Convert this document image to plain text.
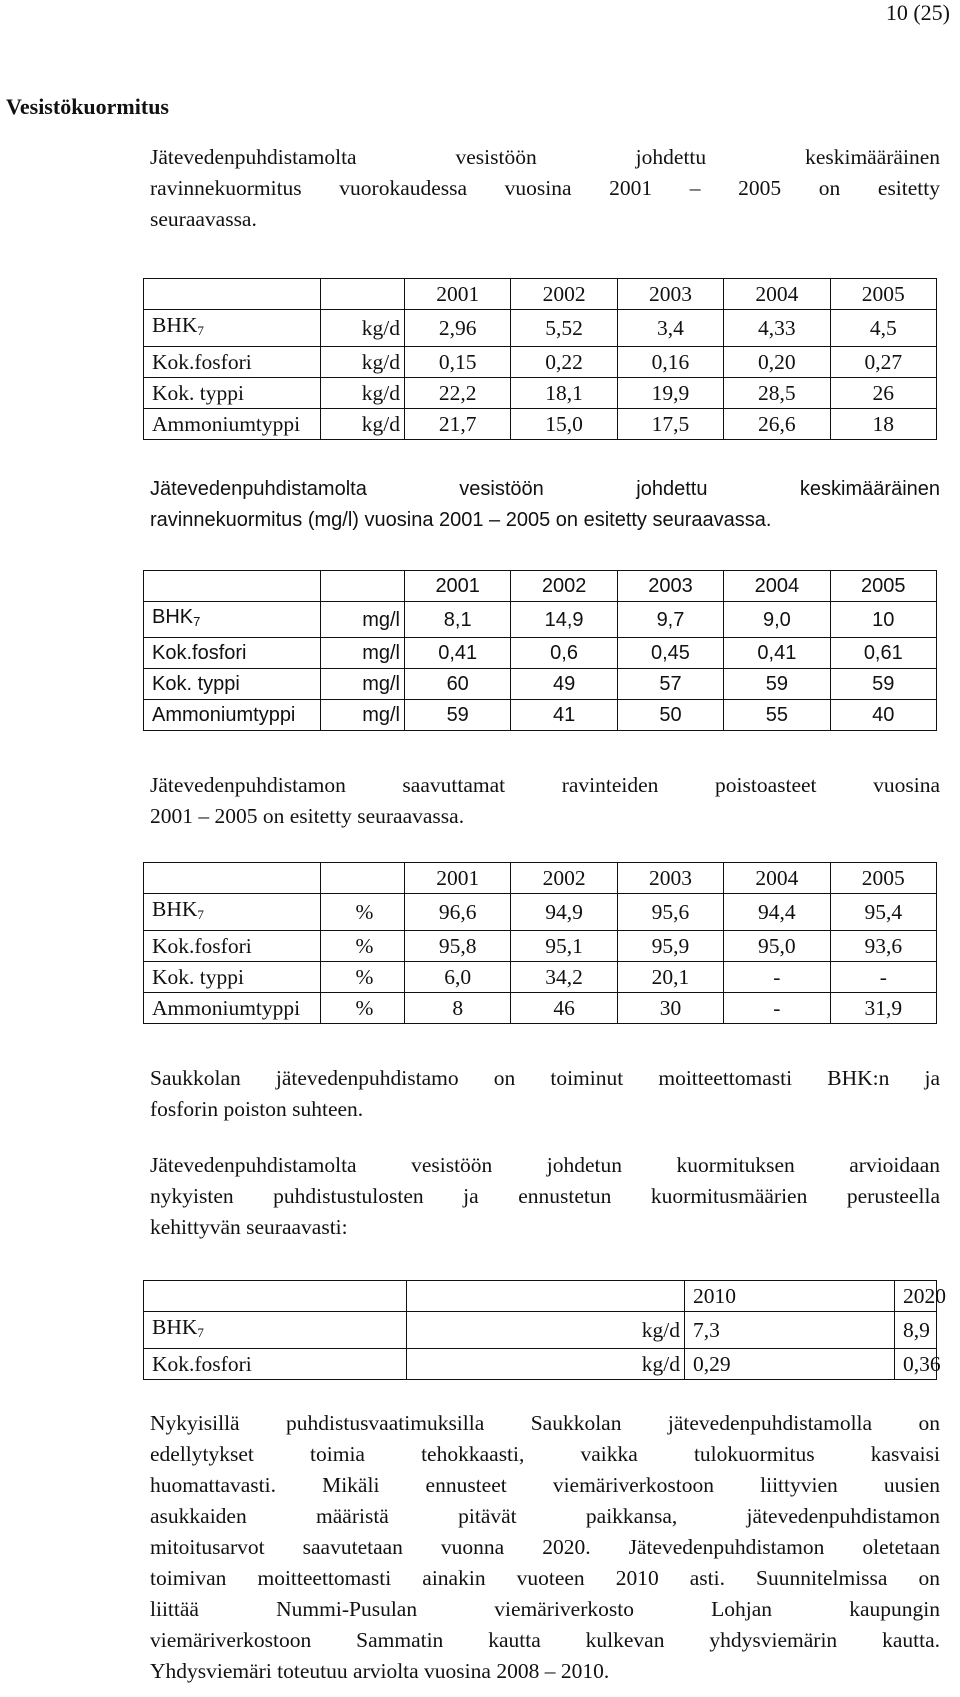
10 (25)
Vesistökuormitus
Jätevedenpuhdistamolta vesistöön johdettu keskimääräinen
ravinnekuormitus vuorokaudessa vuosina 2001 – 2005 on esitetty
seuraavassa.
		2001	2002	2003	2004	2005
$BHK_7$	kg/d	2,96	5,52	3,4	4,33	4,5
Kok.fosfori	kg/d	0,15	0,22	0,16	0,20	0,27
Kok. typpi	kg/d	22,2	18,1	19,9	28,5	26
Ammoniumtyppi	kg/d	21,7	15,0	17,5	26,6	18
Jätevedenpuhdistamolta vesistöön johdettu keskimääräinen
ravinnekuormitus (mg/l) vuosina 2001 – 2005 on esitetty seuraavassa.
		2001	2002	2003	2004	2005
$BHK_7$	mg/l	8,1	14,9	9,7	9,0	10
Kok.fosfori	mg/l	0,41	0,6	0,45	0,41	0,61
Kok. typpi	mg/l	60	49	57	59	59
Ammoniumtyppi	mg/l	59	41	50	55	40
Jätevedenpuhdistamon saavuttamat ravinteiden poistoasteet vuosina
2001 – 2005 on esitetty seuraavassa.
		2001	2002	2003	2004	2005
$BHK_7$	%	96,6	94,9	95,6	94,4	95,4
Kok.fosfori	%	95,8	95,1	95,9	95,0	93,6
Kok. typpi	%	6,0	34,2	20,1	-	-
Ammoniumtyppi	%	8	46	30	-	31,9
Saukkolan jätevedenpuhdistamo on toiminut moitteettomasti BHK:n ja
fosforin poiston suhteen.
Jätevedenpuhdistamolta vesistöön johdetun kuormituksen arvioidaan
nykyisten puhdistustulosten ja ennustetun kuormitusmäärien perusteella
kehittyvän seuraavasti:
		2010	2020
$BHK_7$	kg/d	7,3	8,9
Kok.fosfori	kg/d	0,29	0,36
Nykyisillä puhdistusvaatimuksilla Saukkolan jätevedenpuhdistamolla on
edellytykset toimia tehokkaasti, vaikka tulokuormitus kasvaisi
huomattavasti. Mikäli ennusteet viemäriverkostoon liittyvien uusien
asukkaiden määristä pitävät paikkansa, jätevedenpuhdistamon
mitoitusarvot saavutetaan vuonna 2020. Jätevedenpuhdistamon oletetaan
toimivan moitteettomasti ainakin vuoteen 2010 asti. Suunnitelmissa on
liittää Nummi-Pusulan viemäriverkosto Lohjan kaupungin
viemäriverkostoon Sammatin kautta kulkevan yhdysviemärin kautta.
Yhdysviemäri toteutuu arviolta vuosina 2008 – 2010.
